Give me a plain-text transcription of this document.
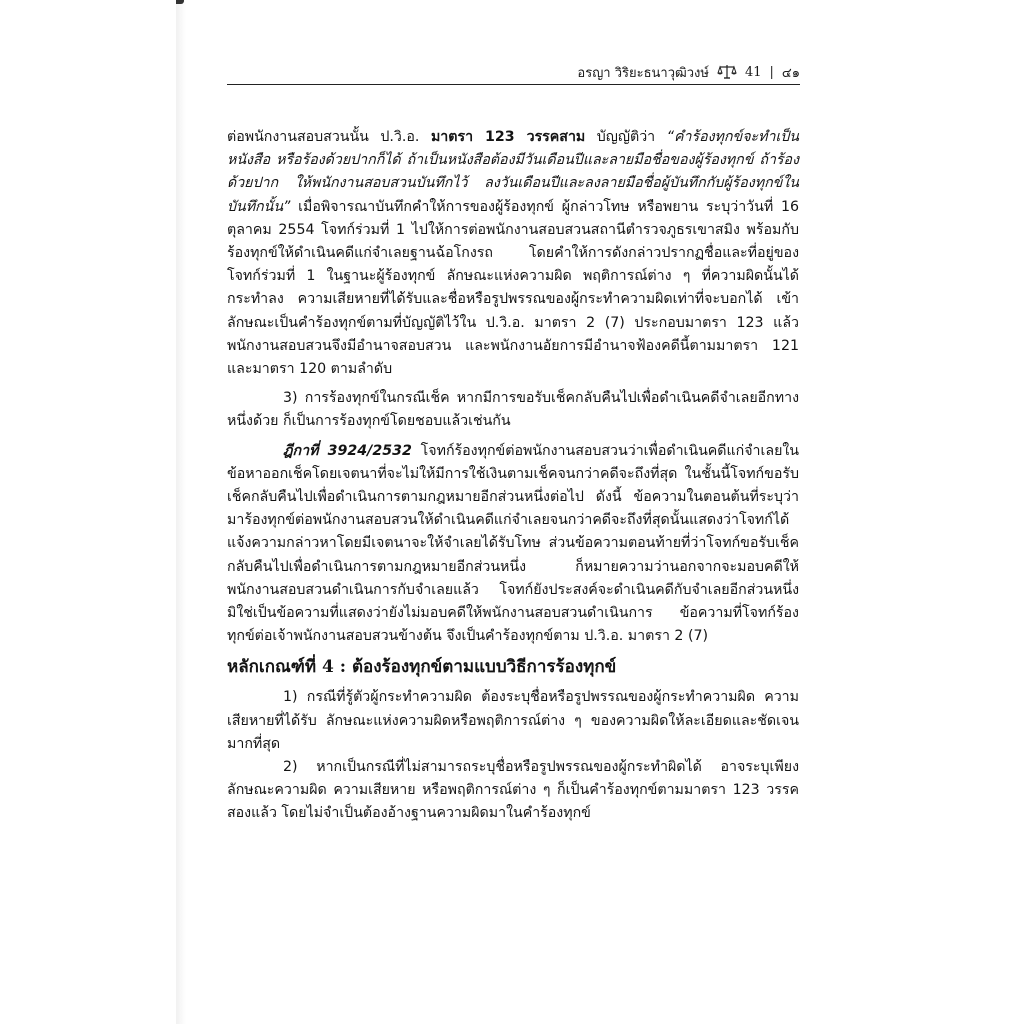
อรญา วิริยะธนาวุฒิวงษ์	41 | ๔๑

ต่อพนักงานสอบสวนนั้น ป.วิ.อ. มาตรา 123 วรรคสาม บัญญัติว่า “คำร้องทุกข์จะทำเป็นหนังสือ หรือร้องด้วยปากก็ได้ ถ้าเป็นหนังสือต้องมีวันเดือนปีและลายมือชื่อของผู้ร้องทุกข์ ถ้าร้องด้วยปาก ให้พนักงานสอบสวนบันทึกไว้ ลงวันเดือนปีและลงลายมือชื่อผู้บันทึกกับผู้ร้องทุกข์ในบันทึกนั้น” เมื่อพิจารณาบันทึกคำให้การของผู้ร้องทุกข์ ผู้กล่าวโทษ หรือพยาน ระบุว่าวันที่ 16 ตุลาคม 2554 โจทก์ร่วมที่ 1 ไปให้การต่อพนักงานสอบสวนสถานีตำรวจภูธรเขาสมิง พร้อมกับร้องทุกข์ให้ดำเนินคดีแก่จำเลยฐานฉ้อโกงรถ โดยคำให้การดังกล่าวปรากฏชื่อและที่อยู่ของโจทก์ร่วมที่ 1 ในฐานะผู้ร้องทุกข์ ลักษณะแห่งความผิด พฤติการณ์ต่าง ๆ ที่ความผิดนั้นได้กระทำลง ความเสียหายที่ได้รับและชื่อหรือรูปพรรณของผู้กระทำความผิดเท่าที่จะบอกได้ เข้าลักษณะเป็นคำร้องทุกข์ตามที่บัญญัติไว้ใน ป.วิ.อ. มาตรา 2 (7) ประกอบมาตรา 123 แล้ว พนักงานสอบสวนจึงมีอำนาจสอบสวน และพนักงานอัยการมีอำนาจฟ้องคดีนี้ตามมาตรา 121 และมาตรา 120 ตามลำดับ

3) การร้องทุกข์ในกรณีเช็ค หากมีการขอรับเช็คกลับคืนไปเพื่อดำเนินคดีจำเลยอีกทางหนึ่งด้วย ก็เป็นการร้องทุกข์โดยชอบแล้วเช่นกัน

ฎีกาที่ 3924/2532 โจทก์ร้องทุกข์ต่อพนักงานสอบสวนว่าเพื่อดำเนินคดีแก่จำเลยในข้อหาออกเช็คโดยเจตนาที่จะไม่ให้มีการใช้เงินตามเช็คจนกว่าคดีจะถึงที่สุด ในชั้นนี้โจทก์ขอรับเช็คกลับคืนไปเพื่อดำเนินการตามกฎหมายอีกส่วนหนึ่งต่อไป ดังนี้ ข้อความในตอนต้นที่ระบุว่ามาร้องทุกข์ต่อพนักงานสอบสวนให้ดำเนินคดีแก่จำเลยจนกว่าคดีจะถึงที่สุดนั้นแสดงว่าโจทก์ได้แจ้งความกล่าวหาโดยมีเจตนาจะให้จำเลยได้รับโทษ ส่วนข้อความตอนท้ายที่ว่าโจทก์ขอรับเช็คกลับคืนไปเพื่อดำเนินการตามกฎหมายอีกส่วนหนึ่ง ก็หมายความว่านอกจากจะมอบคดีให้พนักงานสอบสวนดำเนินการกับจำเลยแล้ว โจทก์ยังประสงค์จะดำเนินคดีกับจำเลยอีกส่วนหนึ่ง มิใช่เป็นข้อความที่แสดงว่ายังไม่มอบคดีให้พนักงานสอบสวนดำเนินการ ข้อความที่โจทก์ร้องทุกข์ต่อเจ้าพนักงานสอบสวนข้างต้น จึงเป็นคำร้องทุกข์ตาม ป.วิ.อ. มาตรา 2 (7)

หลักเกณฑ์ที่ 4 : ต้องร้องทุกข์ตามแบบวิธีการร้องทุกข์

1) กรณีที่รู้ตัวผู้กระทำความผิด ต้องระบุชื่อหรือรูปพรรณของผู้กระทำความผิด ความเสียหายที่ได้รับ ลักษณะแห่งความผิดหรือพฤติการณ์ต่าง ๆ ของความผิดให้ละเอียดและชัดเจนมากที่สุด

2) หากเป็นกรณีที่ไม่สามารถระบุชื่อหรือรูปพรรณของผู้กระทำผิดได้ อาจระบุเพียงลักษณะความผิด ความเสียหาย หรือพฤติการณ์ต่าง ๆ ก็เป็นคำร้องทุกข์ตามมาตรา 123 วรรคสองแล้ว โดยไม่จำเป็นต้องอ้างฐานความผิดมาในคำร้องทุกข์
